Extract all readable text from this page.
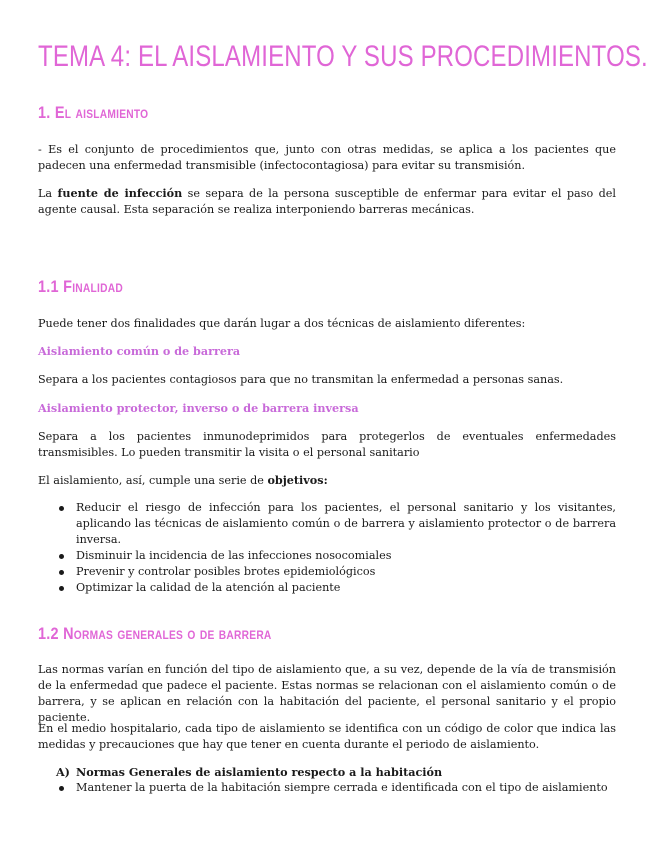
TEMA 4: EL AISLAMIENTO Y SUS PROCEDIMIENTOS.
1. El aislamiento
- Es el conjunto de procedimientos que, junto con otras medidas, se aplica a los pacientes que padecen una enfermedad transmisible (infectocontagiosa) para evitar su transmisión.
La fuente de infección se separa de la persona susceptible de enfermar para evitar el paso del agente causal. Esta separación se realiza interponiendo barreras mecánicas.
1.1 Finalidad
Puede tener dos finalidades que darán lugar a dos técnicas de aislamiento diferentes:
Aislamiento común o de barrera
Separa a los pacientes contagiosos para que no transmitan la enfermedad a personas sanas.
Aislamiento protector, inverso o de barrera inversa
Separa a los pacientes inmunodeprimidos para protegerlos de eventuales enfermedades transmisibles. Lo pueden transmitir la visita o el personal sanitario
El aislamiento, así, cumple una serie de objetivos:
Reducir el riesgo de infección para los pacientes, el personal sanitario y los visitantes, aplicando las técnicas de aislamiento común o de barrera y aislamiento protector o de barrera inversa.
Disminuir la incidencia de las infecciones nosocomiales
Prevenir y controlar posibles brotes epidemiológicos
Optimizar la calidad de la atención al paciente
1.2 Normas generales o de barrera
Las normas varían en función del tipo de aislamiento que, a su vez, depende de la vía de transmisión de la enfermedad que padece el paciente. Estas normas se relacionan con el aislamiento común o de barrera, y se aplican en relación con la habitación del paciente, el personal sanitario y el propio paciente.
En el medio hospitalario, cada tipo de aislamiento se identifica con un código de color que indica las medidas y precauciones que hay que tener en cuenta durante el periodo de aislamiento.
A) Normas Generales de aislamiento respecto a la habitación
Mantener la puerta de la habitación siempre cerrada e identificada con el tipo de aislamiento
